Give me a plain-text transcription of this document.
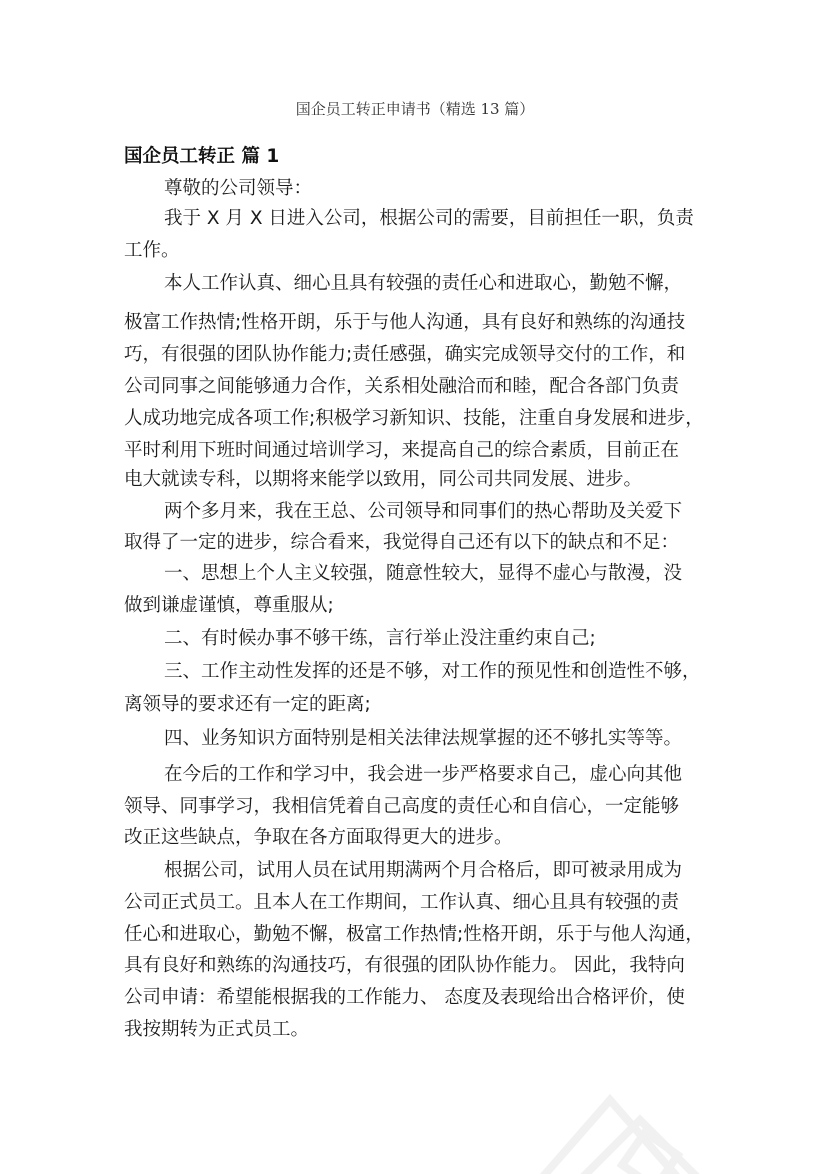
国企员工转正申请书（精选 13 篇）
国企员工转正 篇 1
尊敬的公司领导：
我于 X 月 X 日进入公司，根据公司的需要，目前担任一职，负责
工作。
本人工作认真、细心且具有较强的责任心和进取心，勤勉不懈，
极富工作热情;性格开朗，乐于与他人沟通，具有良好和熟练的沟通技
巧，有很强的团队协作能力;责任感强，确实完成领导交付的工作，和
公司同事之间能够通力合作，关系相处融洽而和睦，配合各部门负责
人成功地完成各项工作;积极学习新知识、技能，注重自身发展和进步，
平时利用下班时间通过培训学习，来提高自己的综合素质，目前正在
电大就读专科，以期将来能学以致用，同公司共同发展、进步。
两个多月来，我在王总、公司领导和同事们的热心帮助及关爱下
取得了一定的进步，综合看来，我觉得自己还有以下的缺点和不足：
一、思想上个人主义较强，随意性较大，显得不虚心与散漫，没
做到谦虚谨慎，尊重服从;
二、有时候办事不够干练，言行举止没注重约束自己;
三、工作主动性发挥的还是不够，对工作的预见性和创造性不够，
离领导的要求还有一定的距离;
四、业务知识方面特别是相关法律法规掌握的还不够扎实等等。
在今后的工作和学习中，我会进一步严格要求自己，虚心向其他
领导、同事学习，我相信凭着自己高度的责任心和自信心，一定能够
改正这些缺点，争取在各方面取得更大的进步。
根据公司，试用人员在试用期满两个月合格后，即可被录用成为
公司正式员工。且本人在工作期间，工作认真、细心且具有较强的责
任心和进取心，勤勉不懈，极富工作热情;性格开朗，乐于与他人沟通，
具有良好和熟练的沟通技巧，有很强的团队协作能力。 因此，我特向
公司申请：希望能根据我的工作能力、 态度及表现给出合格评价，使
我按期转为正式员工。
